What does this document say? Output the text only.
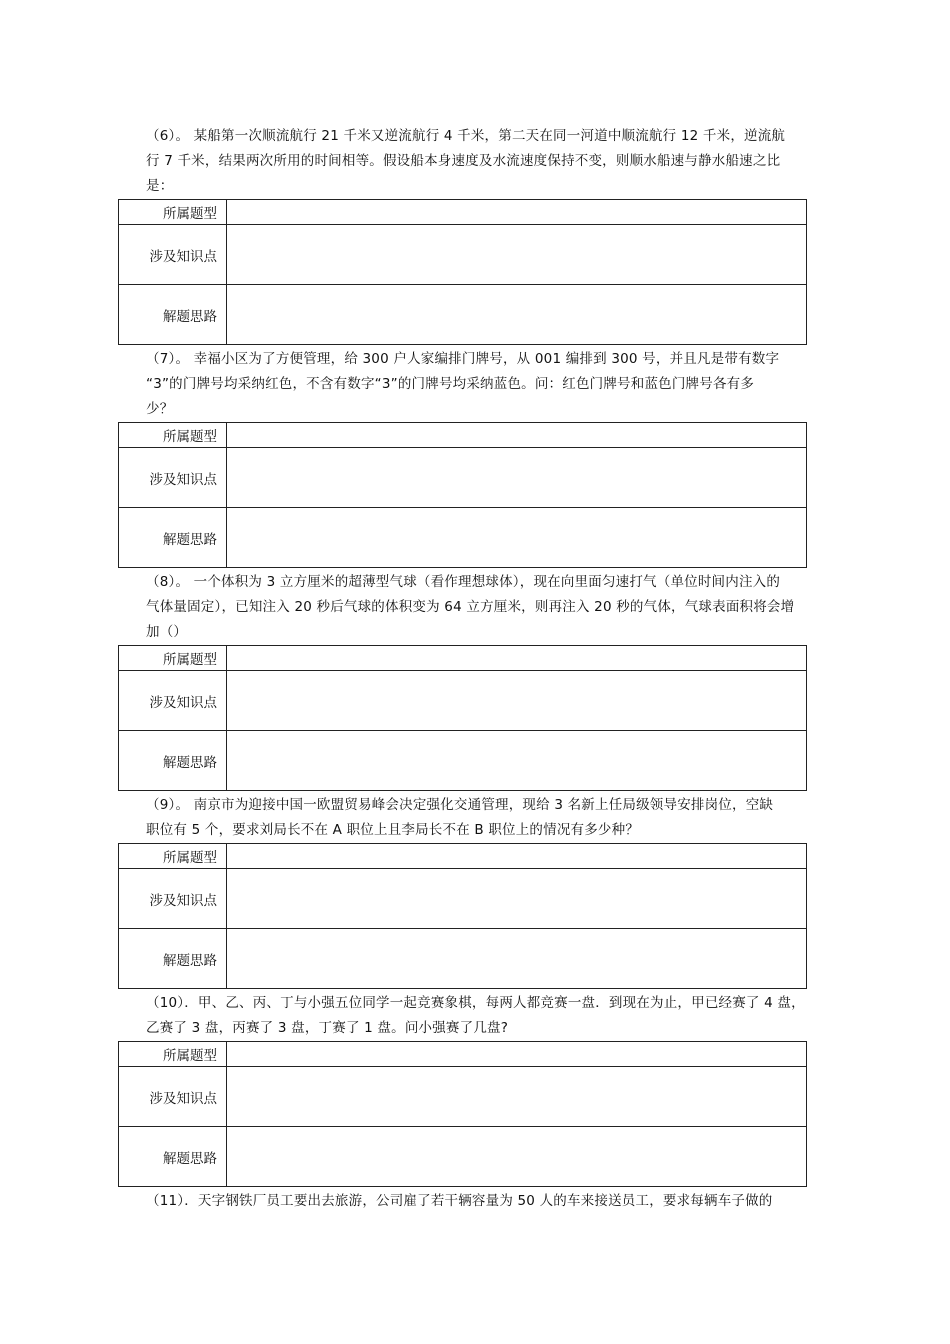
（6）。 某船第一次顺流航行 21 千米又逆流航行 4 千米，第二天在同一河道中顺流航行 12 千米，逆流航
行 7 千米，结果两次所用的时间相等。假设船本身速度及水流速度保持不变，则顺水船速与静水船速之比
是：
所属题型	
涉及知识点	
解题思路	
（7）。 幸福小区为了方便管理，给 300 户人家编排门牌号，从 001 编排到 300 号，并且凡是带有数字
“3”的门牌号均采纳红色，不含有数字“3”的门牌号均采纳蓝色。问：红色门牌号和蓝色门牌号各有多
少？
所属题型	
涉及知识点	
解题思路	
（8）。 一个体积为 3 立方厘米的超薄型气球（看作理想球体），现在向里面匀速打气（单位时间内注入的
气体量固定），已知注入 20 秒后气球的体积变为 64 立方厘米，则再注入 20 秒的气体，气球表面积将会增
加（）
所属题型	
涉及知识点	
解题思路	
（9）。 南京市为迎接中国一欧盟贸易峰会决定强化交通管理，现给 3 名新上任局级领导安排岗位，空缺
职位有 5 个，要求刘局长不在 A 职位上且李局长不在 B 职位上的情况有多少种？
所属题型	
涉及知识点	
解题思路	
（10）．甲、乙、丙、丁与小强五位同学一起竞赛象棋，每两人都竞赛一盘．到现在为止，甲已经赛了 4 盘，
乙赛了 3 盘，丙赛了 3 盘，丁赛了 1 盘。问小强赛了几盘?
所属题型	
涉及知识点	
解题思路	
（11）．天字钢铁厂员工要出去旅游，公司雇了若干辆容量为 50 人的车来接送员工，要求每辆车子做的
